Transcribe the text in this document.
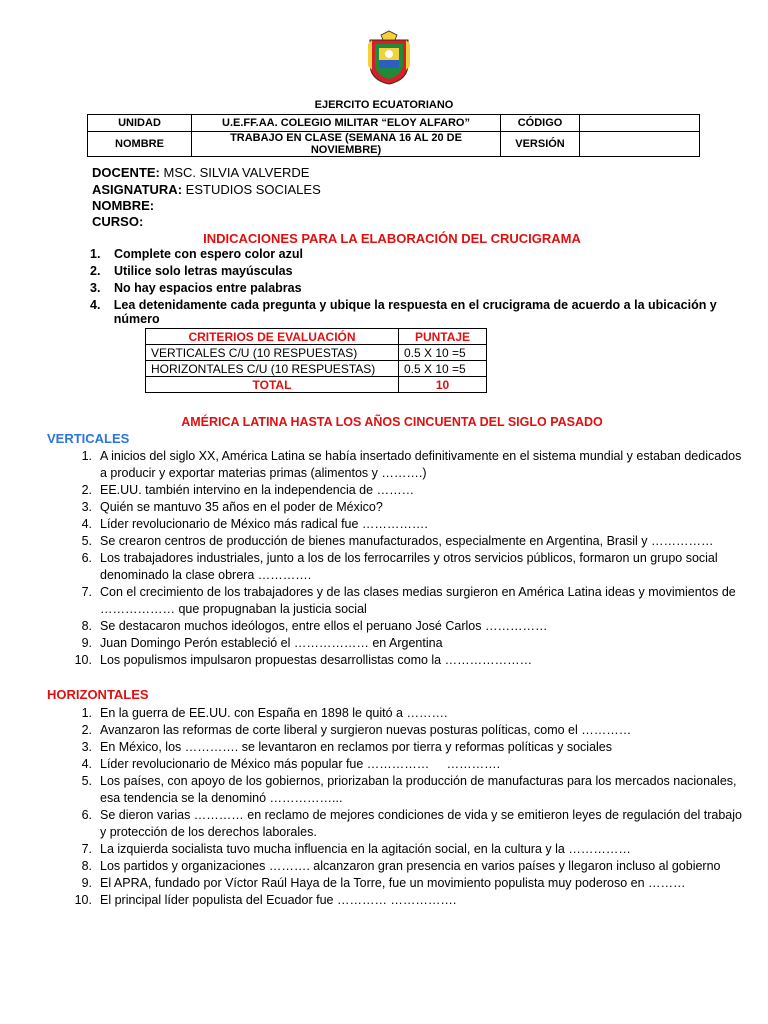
EJERCITO ECUATORIANO
UNIDAD	U.E.FF.AA. COLEGIO MILITAR “ELOY ALFARO”	CÓDIGO	
NOMBRE	TRABAJO EN CLASE (SEMANA 16 AL 20 DE NOVIEMBRE)	VERSIÓN	
DOCENTE: MSC. SILVIA VALVERDE
ASIGNATURA: ESTUDIOS SOCIALES
NOMBRE:
CURSO:
INDICACIONES PARA LA ELABORACIÓN DEL CRUCIGRAMA
1.	Complete con espero color azul
2.	Utilice solo letras mayúsculas
3.	No hay espacios entre palabras
4.	Lea detenidamente cada pregunta y ubique la respuesta en el crucigrama de acuerdo a la ubicación y número
CRITERIOS DE EVALUACIÓN	PUNTAJE
VERTICALES C/U (10 RESPUESTAS)	0.5 X 10 =5
HORIZONTALES C/U (10 RESPUESTAS)	0.5 X 10 =5
TOTAL	10
AMÉRICA LATINA HASTA LOS AÑOS CINCUENTA DEL SIGLO PASADO
VERTICALES
1. A inicios del siglo XX, América Latina se había insertado definitivamente en el sistema mundial y estaban dedicados a producir y exportar materias primas (alimentos y ……….)
2. EE.UU. también intervino en la independencia de ………
3. Quién se mantuvo 35 años en el poder de México?
4. Líder revolucionario de México más radical fue …………….
5. Se crearon centros de producción de bienes manufacturados, especialmente en Argentina, Brasil y ……………
6. Los trabajadores industriales, junto a los de los ferrocarriles y otros servicios públicos, formaron un grupo social denominado la clase obrera ………….
7. Con el crecimiento de los trabajadores y de las clases medias surgieron en América Latina ideas y movimientos de ……………… que propugnaban la justicia social
8. Se destacaron muchos ideólogos, entre ellos el peruano José Carlos ……………
9. Juan Domingo Perón estableció el ……………… en Argentina
10. Los populismos impulsaron propuestas desarrollistas como la …………………
HORIZONTALES
1. En la guerra de EE.UU. con España en 1898 le quitó a ……….
2. Avanzaron las reformas de corte liberal y surgieron nuevas posturas políticas, como el …………
3. En México, los …………. se levantaron en reclamos por tierra y reformas políticas y sociales
4. Líder revolucionario de México más popular fue ……………     ………….
5. Los países, con apoyo de los gobiernos, priorizaban la producción de manufacturas para los mercados nacionales, esa tendencia se la denominó ……………...
6. Se dieron varias ………… en reclamo de mejores condiciones de vida y se emitieron leyes de regulación del trabajo y protección de los derechos laborales.
7. La izquierda socialista tuvo mucha influencia en la agitación social, en la cultura y la ……………
8. Los partidos y organizaciones ………. alcanzaron gran presencia en varios países y llegaron incluso al gobierno
9. El APRA, fundado por Víctor Raúl Haya de la Torre, fue un movimiento populista muy poderoso en ………
10. El principal líder populista del Ecuador fue ………… …………….
